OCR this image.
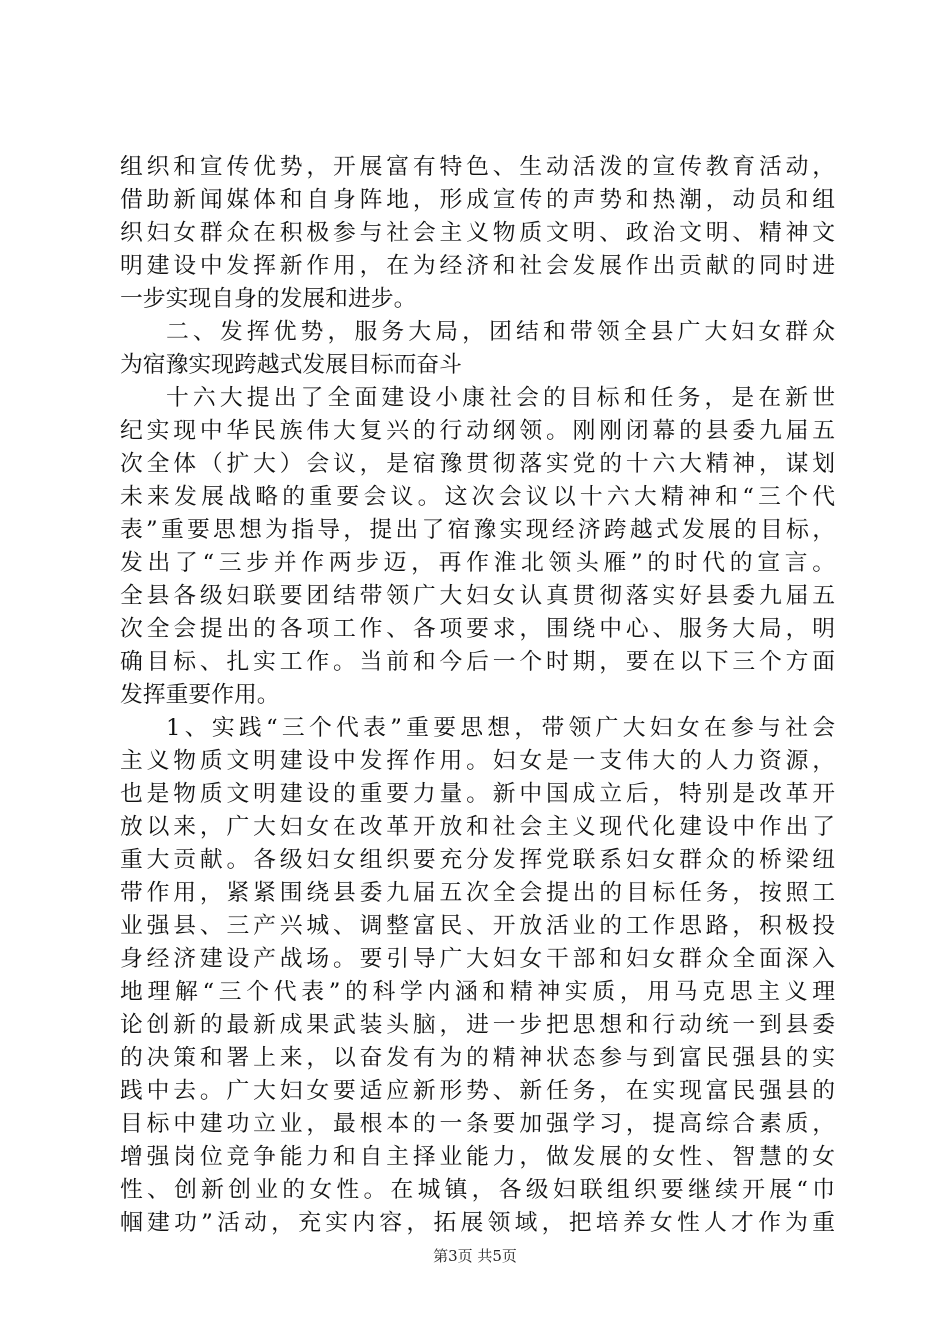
组织和宣传优势，开展富有特色、生动活泼的宣传教育活动，
借助新闻媒体和自身阵地，形成宣传的声势和热潮，动员和组
织妇女群众在积极参与社会主义物质文明、政治文明、精神文
明建设中发挥新作用，在为经济和社会发展作出贡献的同时进
一步实现自身的发展和进步。
二、发挥优势，服务大局，团结和带领全县广大妇女群众
为宿豫实现跨越式发展目标而奋斗
十六大提出了全面建设小康社会的目标和任务，是在新世
纪实现中华民族伟大复兴的行动纲领。刚刚闭幕的县委九届五
次全体（扩大）会议，是宿豫贯彻落实党的十六大精神，谋划
未来发展战略的重要会议。这次会议以十六大精神和“三个代
表”重要思想为指导，提出了宿豫实现经济跨越式发展的目标，
发出了“三步并作两步迈，再作淮北领头雁”的时代的宣言。
全县各级妇联要团结带领广大妇女认真贯彻落实好县委九届五
次全会提出的各项工作、各项要求，围绕中心、服务大局，明
确目标、扎实工作。当前和今后一个时期，要在以下三个方面
发挥重要作用。
1、实践“三个代表”重要思想，带领广大妇女在参与社会
主义物质文明建设中发挥作用。妇女是一支伟大的人力资源，
也是物质文明建设的重要力量。新中国成立后，特别是改革开
放以来，广大妇女在改革开放和社会主义现代化建设中作出了
重大贡献。各级妇女组织要充分发挥党联系妇女群众的桥梁纽
带作用，紧紧围绕县委九届五次全会提出的目标任务，按照工
业强县、三产兴城、调整富民、开放活业的工作思路，积极投
身经济建设产战场。要引导广大妇女干部和妇女群众全面深入
地理解“三个代表”的科学内涵和精神实质，用马克思主义理
论创新的最新成果武装头脑，进一步把思想和行动统一到县委
的决策和署上来，以奋发有为的精神状态参与到富民强县的实
践中去。广大妇女要适应新形势、新任务，在实现富民强县的
目标中建功立业，最根本的一条要加强学习，提高综合素质，
增强岗位竞争能力和自主择业能力，做发展的女性、智慧的女
性、创新创业的女性。在城镇，各级妇联组织要继续开展“巾
帼建功”活动，充实内容，拓展领域，把培养女性人才作为重
第3页 共5页
